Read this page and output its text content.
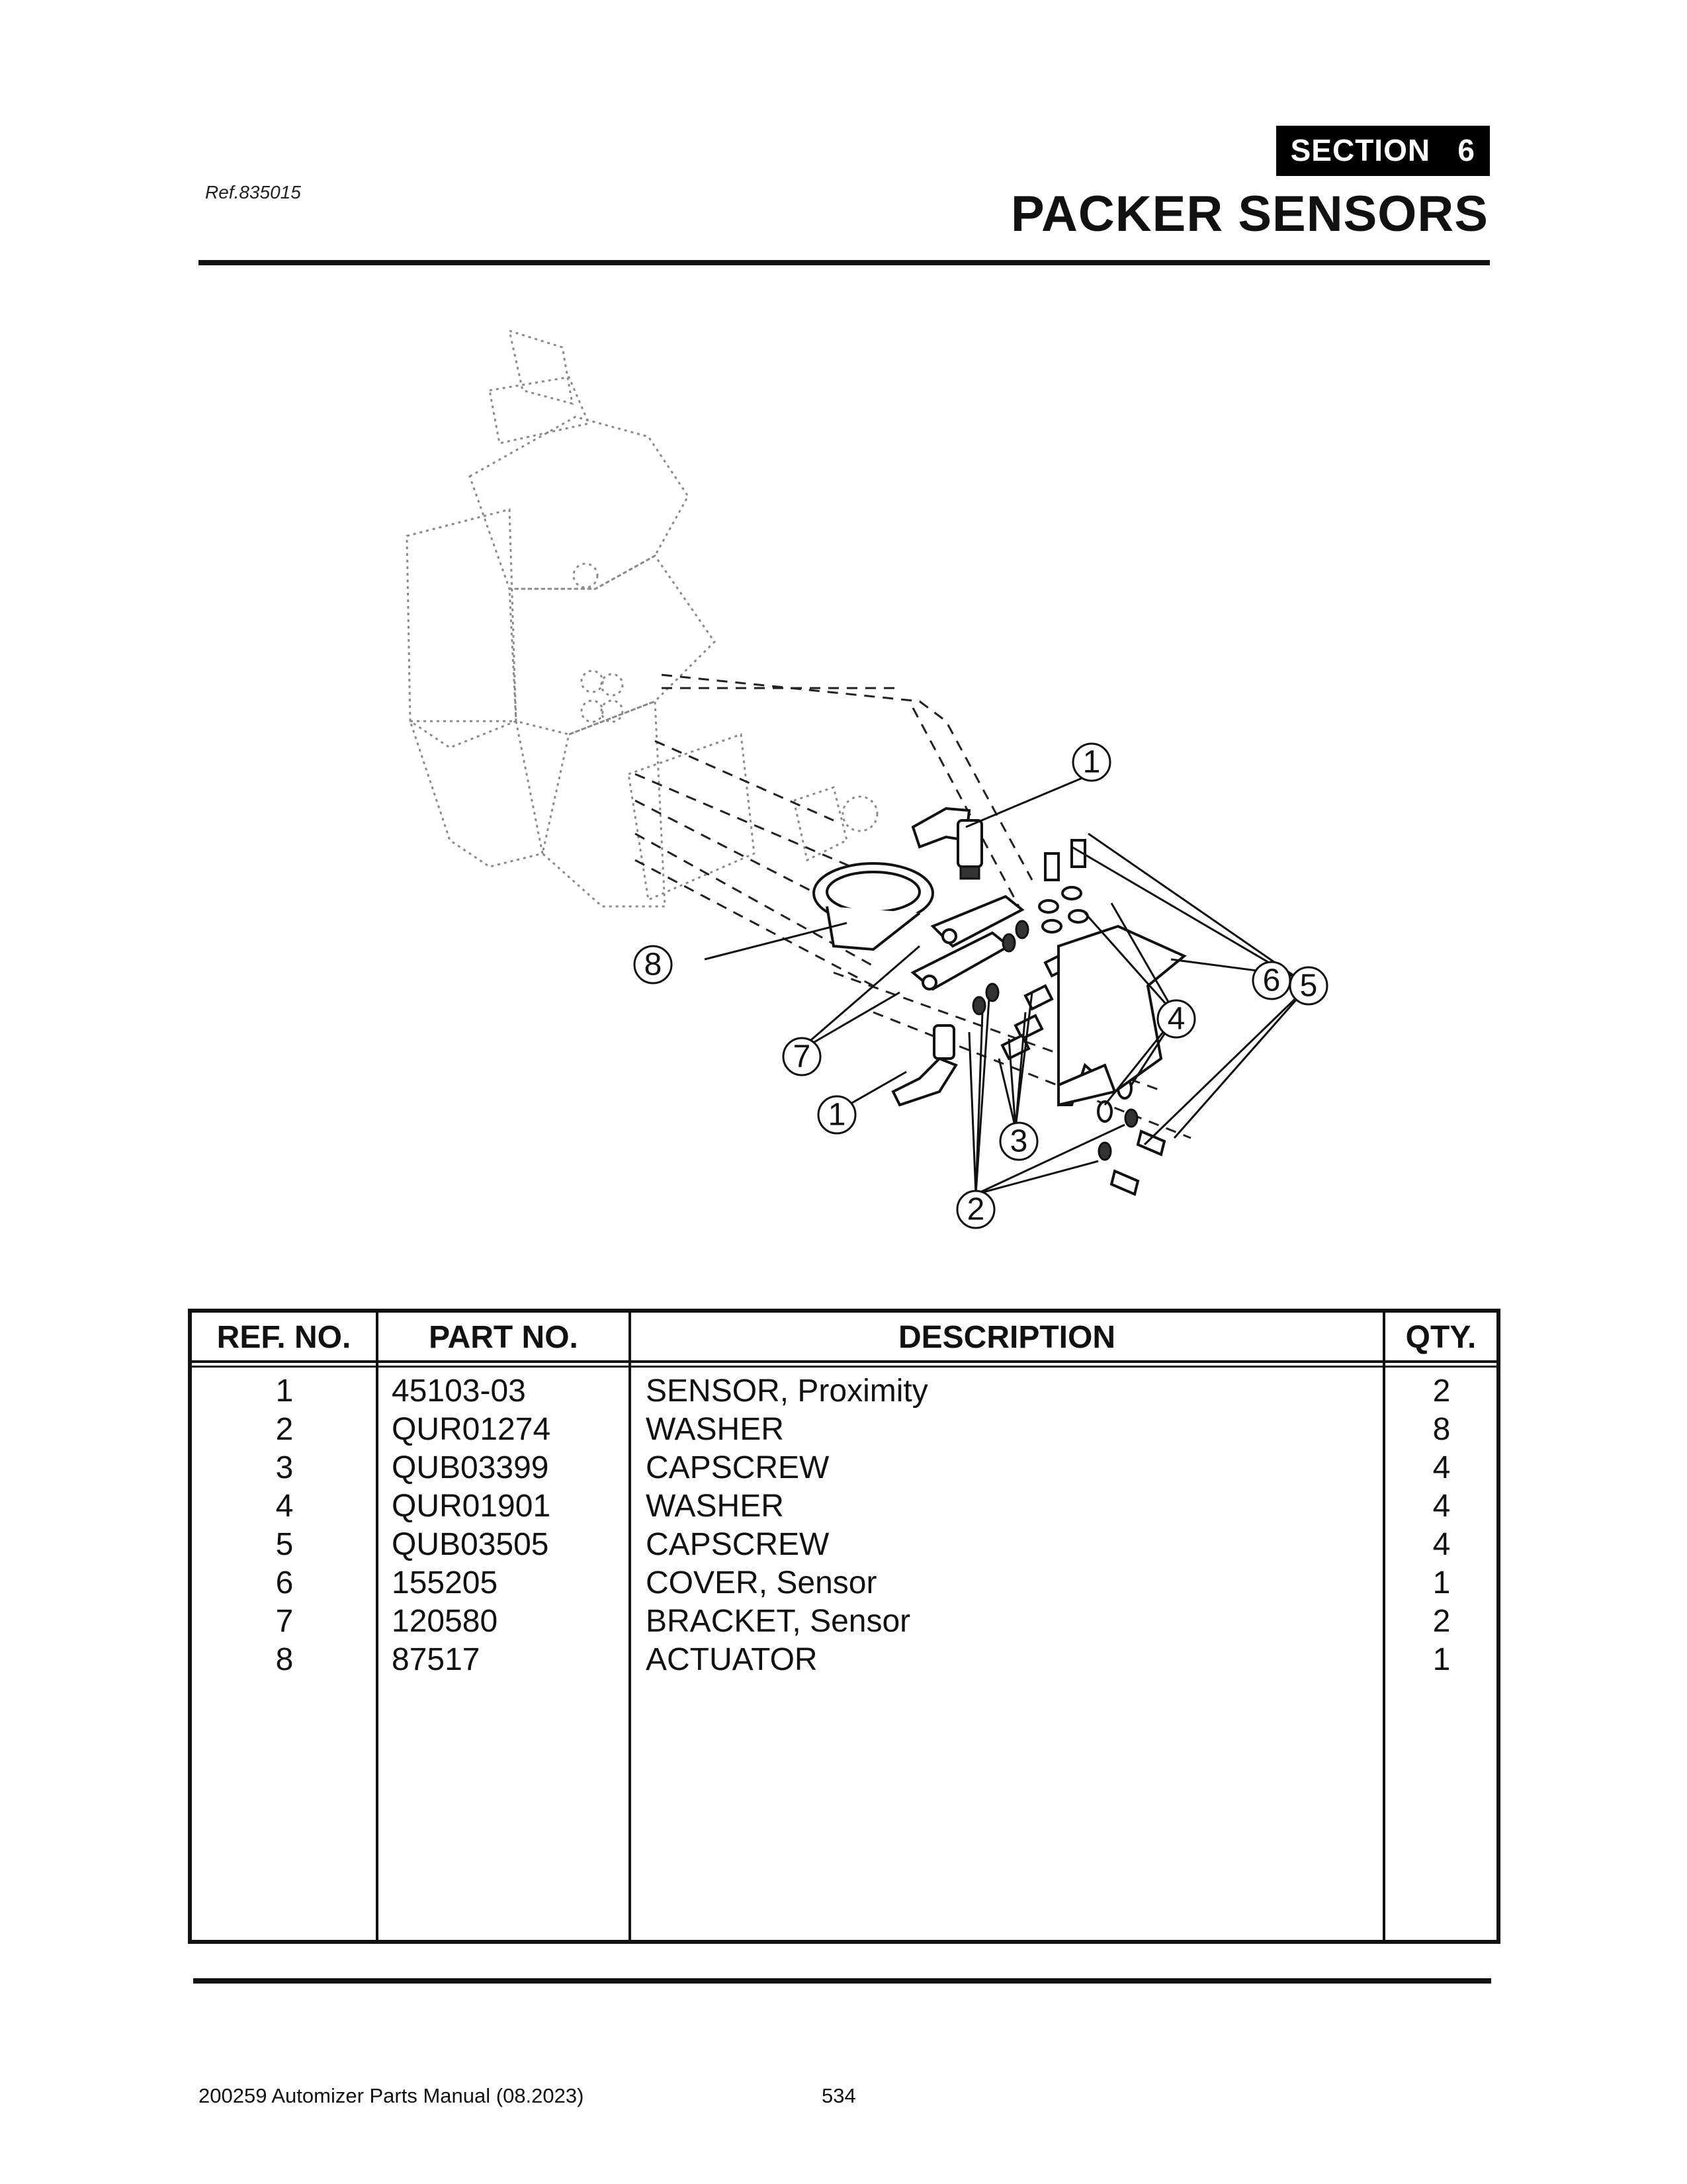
Ref.835015
SECTION   6
PACKER SENSORS
1
1
2
3
4
5
6
7
8
REF. NO.	PART NO.	DESCRIPTION	QTY.
1	45103-03	SENSOR, Proximity	2
2	QUR01274	WASHER	8
3	QUB03399	CAPSCREW	4
4	QUR01901	WASHER	4
5	QUB03505	CAPSCREW	4
6	155205	COVER, Sensor	1
7	120580	BRACKET, Sensor	2
8	87517	ACTUATOR	1
200259 Automizer Parts Manual (08.2023)	534
